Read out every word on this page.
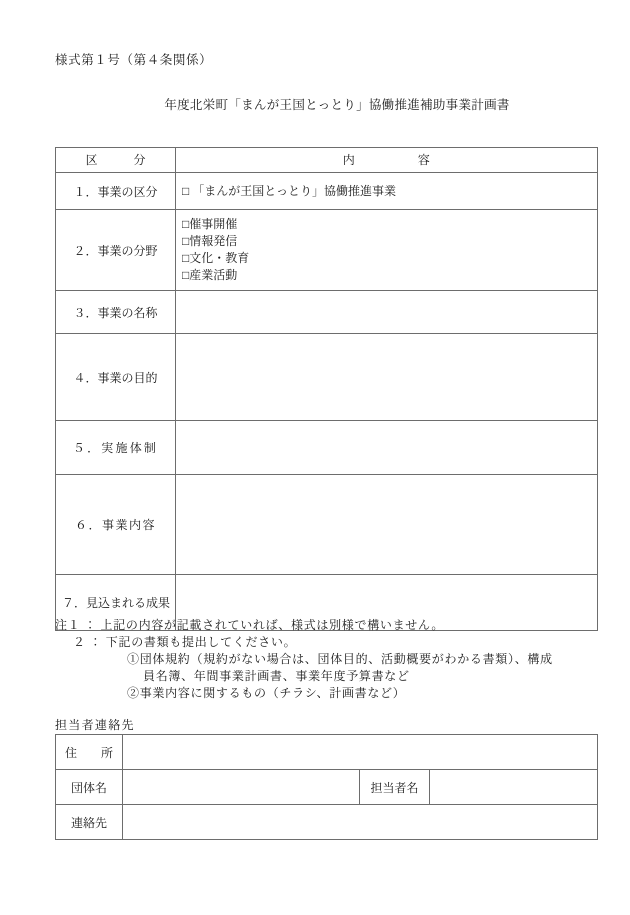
様式第１号（第４条関係）
年度北栄町「まんが王国とっとり」協働推進補助事業計画書
区　　　分	内　　　　　容
１．事業の区分	□ 「まんが王国とっとり」協働推進事業

２．事業の分野	□催事開催
□情報発信
□文化・教育
□産業活動

３．事業の名称	
４．事業の目的	
５．実施体制	
６．事業内容	
７．見込まれる成果	
注１ ： 上記の内容が記載されていれば、様式は別様で構いません。
２ ： 下記の書類も提出してください。
①団体規約（規約がない場合は、団体目的、活動概要がわかる書類）、構成
員名簿、年間事業計画書、事業年度予算書など
②事業内容に関するもの（チラシ、計画書など）
担当者連絡先
住　　所			
団体名		担当者名	
連絡先			
